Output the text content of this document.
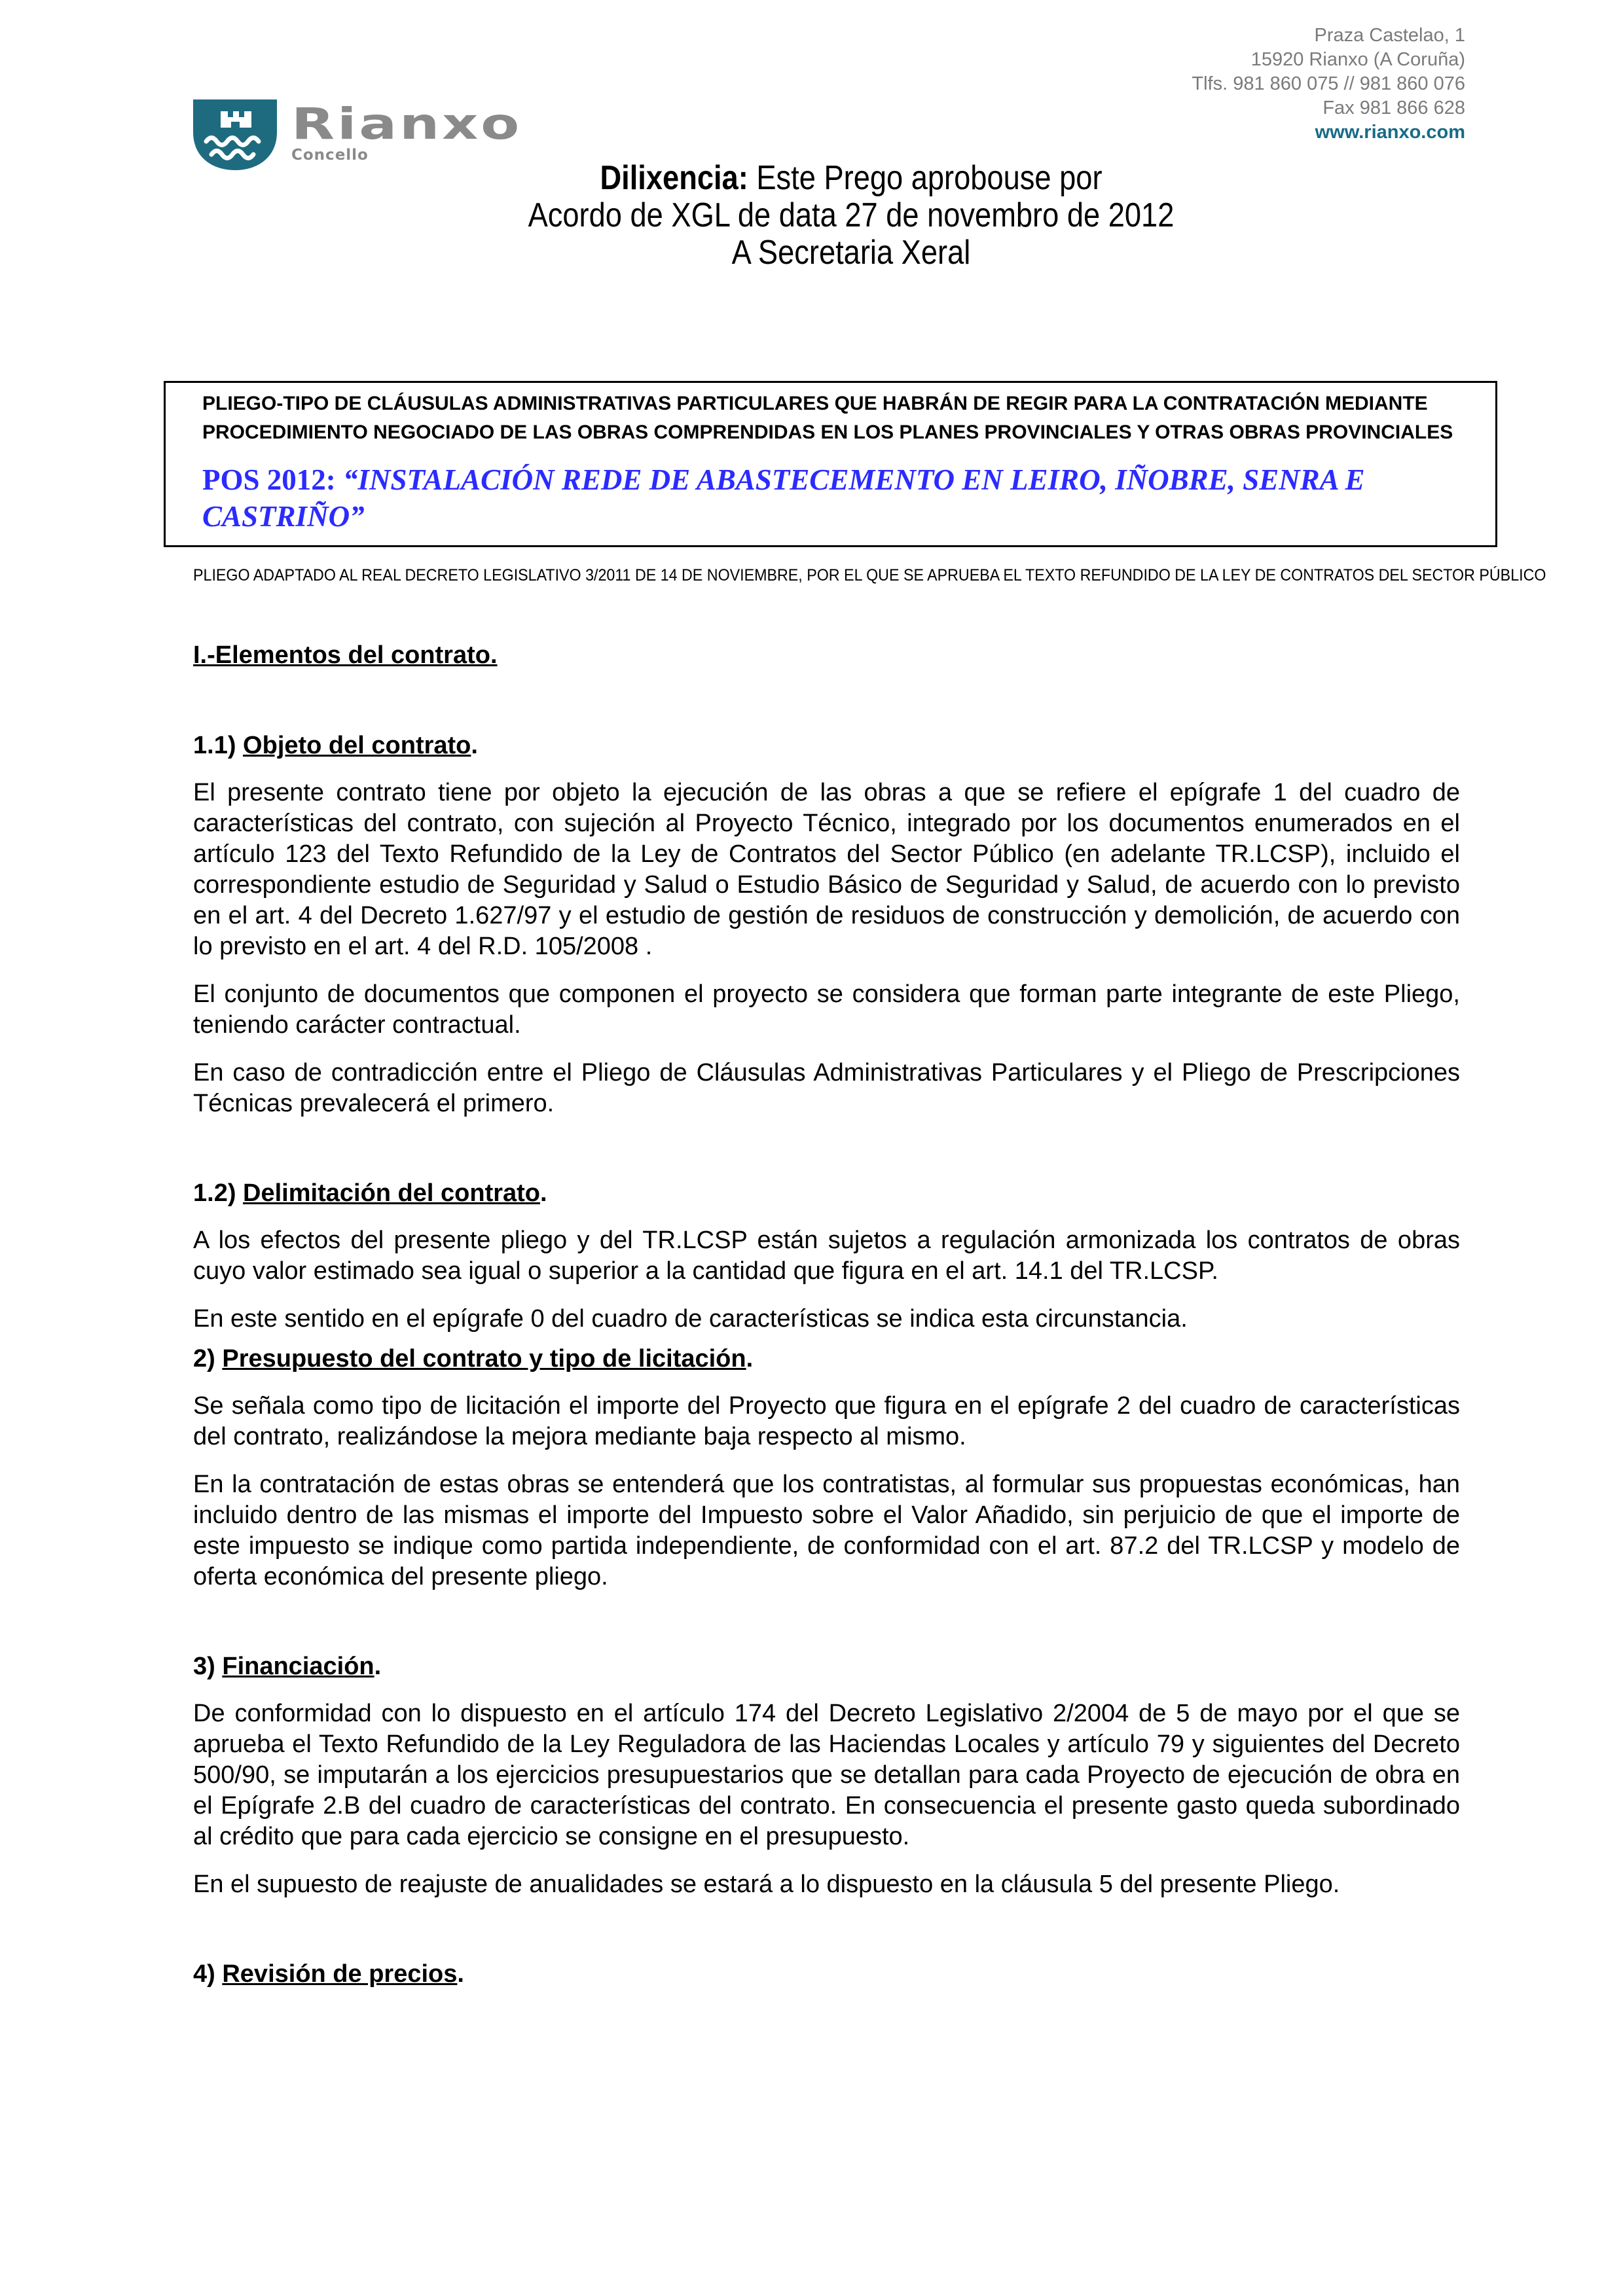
Praza Castelao, 1
15920 Rianxo (A Coruña)
Tlfs. 981 860 075 // 981 860 076
Fax 981 866 628
www.rianxo.com
Rianxo
Concello
Dilixencia: Este Prego aprobouse por
Acordo de XGL de data 27 de novembro de 2012
A Secretaria Xeral

PLIEGO-TIPO DE CLÁUSULAS ADMINISTRATIVAS PARTICULARES QUE HABRÁN DE REGIR PARA LA CONTRATACIÓN MEDIANTE PROCEDIMIENTO NEGOCIADO DE LAS OBRAS COMPRENDIDAS EN LOS PLANES PROVINCIALES Y OTRAS OBRAS PROVINCIALES

POS 2012: “INSTALACIÓN REDE DE ABASTECEMENTO EN LEIRO, IÑOBRE, SENRA E CASTRIÑO”

PLIEGO ADAPTADO AL REAL DECRETO LEGISLATIVO 3/2011 DE 14 DE NOVIEMBRE, POR EL QUE SE APRUEBA EL TEXTO REFUNDIDO DE LA LEY DE CONTRATOS DEL SECTOR PÚBLICO

I.-Elementos del contrato.

1.1) Objeto del contrato.

El presente contrato tiene por objeto la ejecución de las obras a que se refiere el epígrafe 1 del cuadro de características del contrato, con sujeción al Proyecto Técnico, integrado por los documentos enumerados en el artículo 123 del Texto Refundido de la Ley de Contratos del Sector Público (en adelante TR.LCSP), incluido el correspondiente estudio de Seguridad y Salud o Estudio Básico de Seguridad y Salud, de acuerdo con lo previsto en el art. 4 del Decreto 1.627/97 y el estudio de gestión de residuos de construcción y demolición, de acuerdo con lo previsto en el art. 4 del R.D. 105/2008 .

El conjunto de documentos que componen el proyecto se considera que forman parte integrante de este Pliego, teniendo carácter contractual.

En caso de contradicción entre el Pliego de Cláusulas Administrativas Particulares y el Pliego de Prescripciones Técnicas prevalecerá el primero.

1.2) Delimitación del contrato.

A los efectos del presente pliego y del TR.LCSP están sujetos a regulación armonizada los contratos de obras cuyo valor estimado sea igual o superior a la cantidad que figura en el art. 14.1 del TR.LCSP.

En este sentido en el epígrafe 0 del cuadro de características se indica esta circunstancia.

2) Presupuesto del contrato y tipo de licitación.

Se señala como tipo de licitación el importe del Proyecto que figura en el epígrafe 2 del cuadro de características del contrato, realizándose la mejora mediante baja respecto al mismo.

En la contratación de estas obras se entenderá que los contratistas, al formular sus propuestas económicas, han incluido dentro de las mismas el importe del Impuesto sobre el Valor Añadido, sin perjuicio de que el importe de este impuesto se indique como partida independiente, de conformidad con el art. 87.2 del TR.LCSP y modelo de oferta económica del presente pliego.

3) Financiación.

De conformidad con lo dispuesto en el artículo 174 del Decreto Legislativo 2/2004 de 5 de mayo por el que se aprueba el Texto Refundido de la Ley Reguladora de las Haciendas Locales y artículo 79 y siguientes del Decreto 500/90, se imputarán a los ejercicios presupuestarios que se detallan para cada Proyecto de ejecución de obra en el Epígrafe 2.B del cuadro de características del contrato. En consecuencia el presente gasto queda subordinado al crédito que para cada ejercicio se consigne en el presupuesto.

En el supuesto de reajuste de anualidades se estará a lo dispuesto en la cláusula 5 del presente Pliego.

4) Revisión de precios.
